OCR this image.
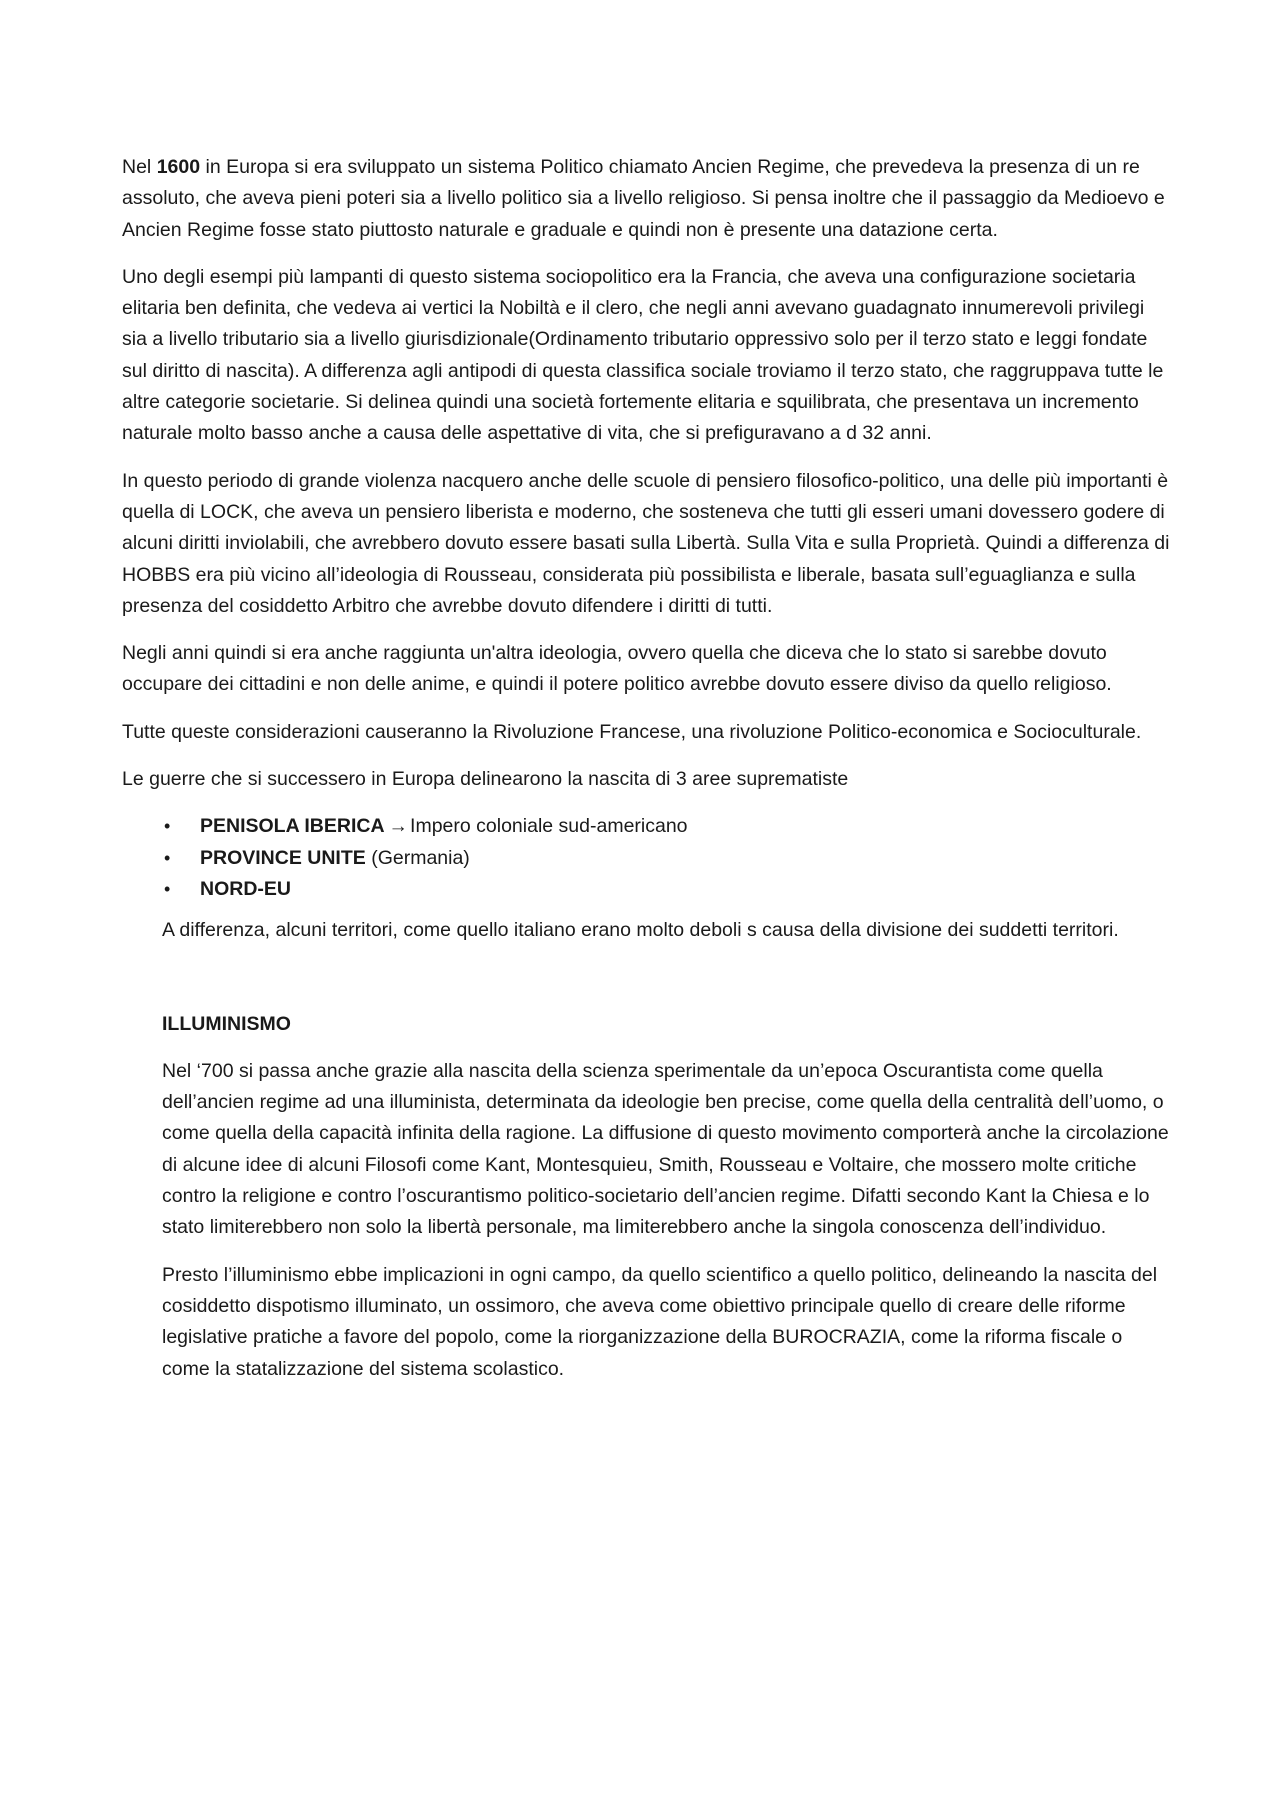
Nel 1600 in Europa si era sviluppato un sistema Politico chiamato Ancien Regime, che prevedeva la presenza di un re assoluto, che aveva pieni poteri sia a livello politico sia a livello religioso. Si pensa inoltre che il passaggio da Medioevo e Ancien Regime fosse stato piuttosto naturale e graduale e quindi non è presente una datazione certa.

Uno degli esempi più lampanti di questo sistema sociopolitico era la Francia, che aveva una configurazione societaria elitaria ben definita, che vedeva ai vertici la Nobiltà e il clero, che negli anni avevano guadagnato innumerevoli privilegi sia a livello tributario sia a livello giurisdizionale(Ordinamento tributario oppressivo solo per il terzo stato e leggi fondate sul diritto di nascita). A differenza agli antipodi di questa classifica sociale troviamo il terzo stato, che raggruppava tutte le altre categorie societarie. Si delinea quindi una società fortemente elitaria e squilibrata, che presentava un incremento naturale molto basso anche a causa delle aspettative di vita, che si prefiguravano a d 32 anni.

In questo periodo di grande violenza nacquero anche delle scuole di pensiero filosofico-politico, una delle più importanti è quella di LOCK, che aveva un pensiero liberista e moderno, che sosteneva che tutti gli esseri umani dovessero godere di alcuni diritti inviolabili, che avrebbero dovuto essere basati sulla Libertà. Sulla Vita e sulla Proprietà. Quindi a differenza di HOBBS era più vicino all’ideologia di Rousseau, considerata più possibilista e liberale, basata sull’eguaglianza e sulla presenza del cosiddetto Arbitro che avrebbe dovuto difendere i diritti di tutti.

Negli anni quindi si era anche raggiunta un'altra ideologia, ovvero quella che diceva che lo stato si sarebbe dovuto occupare dei cittadini e non delle anime, e quindi il potere politico avrebbe dovuto essere diviso da quello religioso.

Tutte queste considerazioni causeranno la Rivoluzione Francese, una rivoluzione Politico-economica e Socioculturale.

Le guerre che si successero in Europa delinearono la nascita di 3 aree suprematiste

• PENISOLA IBERICA → Impero coloniale sud-americano
• PROVINCE UNITE (Germania)
• NORD-EU

A differenza, alcuni territori, come quello italiano erano molto deboli s causa della divisione dei suddetti territori.

ILLUMINISMO

Nel ‘700 si passa anche grazie alla nascita della scienza sperimentale da un’epoca Oscurantista come quella dell’ancien regime ad una illuminista, determinata da ideologie ben precise, come quella della centralità dell’uomo, o come quella della capacità infinita della ragione. La diffusione di questo movimento comporterà anche la circolazione di alcune idee di alcuni Filosofi come Kant, Montesquieu, Smith, Rousseau e Voltaire, che mossero molte critiche contro la religione e contro l’oscurantismo politico-societario dell’ancien regime. Difatti secondo Kant la Chiesa e lo stato limiterebbero non solo la libertà personale, ma limiterebbero anche la singola conoscenza dell’individuo.

Presto l’illuminismo ebbe implicazioni in ogni campo, da quello scientifico a quello politico, delineando la nascita del cosiddetto dispotismo illuminato, un ossimoro, che aveva come obiettivo principale quello di creare delle riforme legislative pratiche a favore del popolo, come la riorganizzazione della BUROCRAZIA, come la riforma fiscale o come la statalizzazione del sistema scolastico.
